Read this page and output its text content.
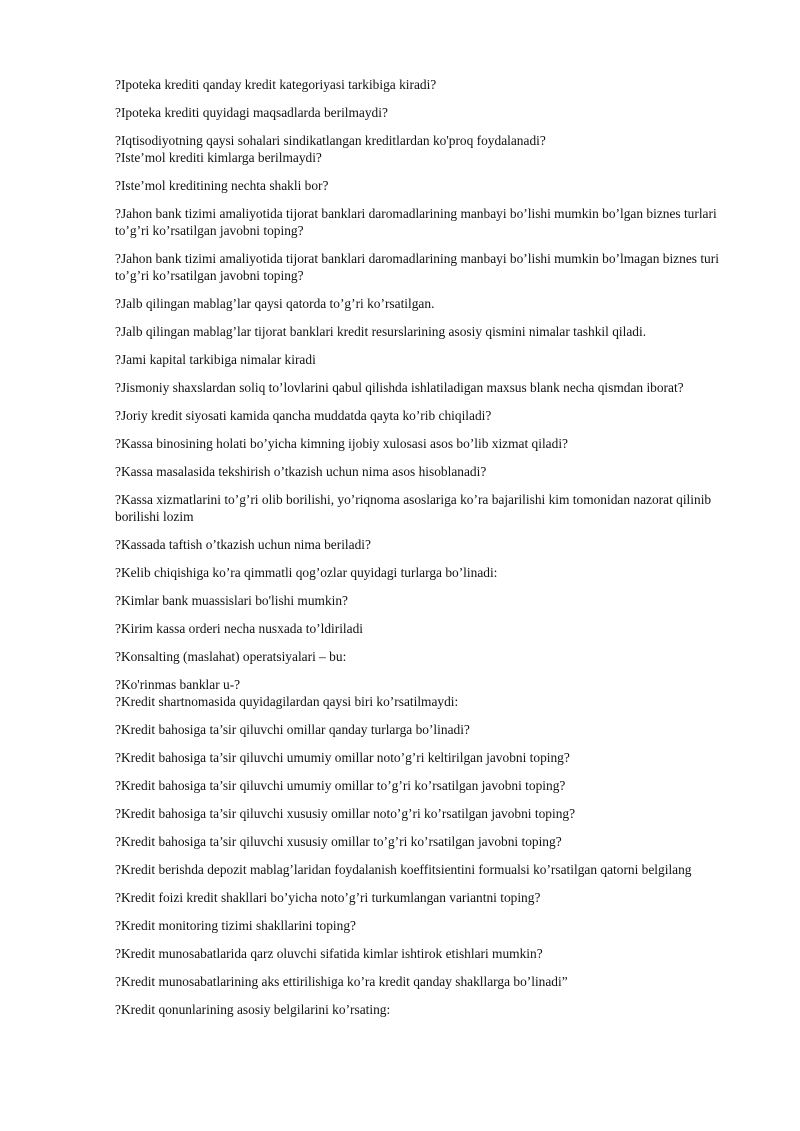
?Ipoteka krediti qanday kredit kategoriyasi tarkibiga kiradi?

?Ipoteka krediti quyidagi maqsadlarda berilmaydi?

?Iqtisodiyotning qaysi sohalari sindikatlangan kreditlardan ko'proq foydalanadi?

?Iste’mol krediti kimlarga berilmaydi?

?Iste’mol kreditining nechta shakli bor?

?Jahon bank tizimi amaliyotida tijorat banklari daromadlarining manbayi bo’lishi mumkin bo’lgan biznes turlari to’g’ri ko’rsatilgan javobni toping?

?Jahon bank tizimi amaliyotida tijorat banklari daromadlarining manbayi bo’lishi mumkin bo’lmagan biznes turi to’g’ri ko’rsatilgan javobni toping?

?Jalb qilingan mablag’lar qaysi qatorda to’g’ri ko’rsatilgan.

?Jalb qilingan mablag’lar tijorat banklari kredit resurslarining asosiy qismini nimalar tashkil qiladi.

?Jami kapital tarkibiga nimalar kiradi

?Jismoniy shaxslardan soliq to’lovlarini qabul qilishda ishlatiladigan maxsus blank necha qismdan iborat?

?Joriy kredit siyosati kamida qancha muddatda qayta ko’rib chiqiladi?

?Kassa binosining holati bo’yicha kimning ijobiy xulosasi asos bo’lib xizmat qiladi?

?Kassa masalasida tekshirish o’tkazish uchun nima asos hisoblanadi?

?Kassa xizmatlarini to’g’ri olib borilishi, yo’riqnoma asoslariga ko’ra bajarilishi kim tomonidan nazorat qilinib borilishi lozim

?Kassada taftish o’tkazish uchun nima beriladi?

?Kelib chiqishiga ko’ra qimmatli qog’ozlar quyidagi turlarga bo’linadi:

?Kimlar bank muassislari bo'lishi mumkin?

?Kirim kassa orderi necha nusxada to’ldiriladi

?Konsalting (maslahat) operatsiyalari – bu:

?Ko'rinmas banklar u-?

?Kredit shartnomasida quyidagilardan qaysi biri ko’rsatilmaydi:

?Kredit bahosiga ta’sir qiluvchi omillar qanday turlarga bo’linadi?

?Kredit bahosiga ta’sir qiluvchi umumiy omillar noto’g’ri keltirilgan javobni toping?

?Kredit bahosiga ta’sir qiluvchi umumiy omillar to’g’ri ko’rsatilgan javobni toping?

?Kredit bahosiga ta’sir qiluvchi xususiy omillar noto’g’ri ko’rsatilgan javobni toping?

?Kredit bahosiga ta’sir qiluvchi xususiy omillar to’g’ri ko’rsatilgan javobni toping?

?Kredit berishda depozit mablag’laridan foydalanish koeffitsientini formualsi ko’rsatilgan qatorni belgilang

?Kredit foizi kredit shakllari bo’yicha noto’g’ri turkumlangan variantni toping?

?Kredit monitoring tizimi shakllarini toping?

?Kredit munosabatlarida qarz oluvchi sifatida kimlar ishtirok etishlari mumkin?

?Kredit munosabatlarining aks ettirilishiga ko’ra kredit qanday shakllarga bo’linadi”

?Kredit qonunlarining asosiy belgilarini ko’rsating:
